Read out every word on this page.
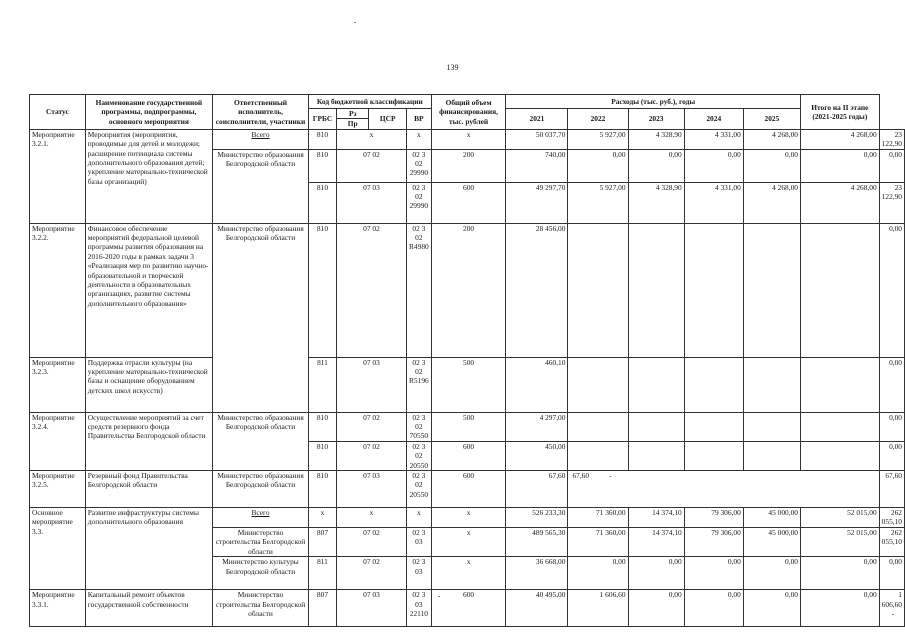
139
Статус	Наименование государственной программы, подпрограммы, основного мероприятия	Ответственный исполнитель, соисполнители, участники	Код бюджетной классификации				Общий объем финансирования, тыс. рублей	Расходы (тыс. руб.), годы					Итого на II этапе (2021-2025 годы)	
			ГРБС	Рз	ЦСР	ВР		2021	2022	2023	2024	2025		
				Пр										
Мероприятие 3.2.1.	Мероприятия (мероприятия, проводимые для детей и молодежи; расширение потенциала системы дополнительного образования детей; укрепление материально-технической базы организаций)	Всего	810	х		х	х	50 037,70	5 927,00	4 328,90	4 331,00	4 268,00	4 268,00	23 122,90
		Министерство образования Белгородской области	810	07 02		02 3 02 29990	200	740,00	0,00	0,00	0,00	0,00	0,00	0,00
			810	07 03		02 3 02 29990	600	49 297,70	5 927,00	4 328,90	4 331,00	4 268,00	4 268,00	23 122,90
Мероприятие 3.2.2.	Финансовое обеспечение мероприятий федеральной целевой программы развития образования на 2016-2020 годы в рамках задачи 3 «Реализация мер по развитию научно-образовательной и творческой деятельности в образовательных организациях, развитие системы дополнительного образования»	Министерство образования Белгородской области	810	07 02		02 3 02 R4980	200	28 456,00						0,00
Мероприятие 3.2.3.	Поддержка отрасли культуры (на укрепление материально-технической базы и оснащение оборудованием детских школ искусств)		811	07 03		02 3 02 R5196	500	460,10						0,00
Мероприятие 3.2.4.	Осуществление мероприятий за счет средств резервного фонда Правительства Белгородской области	Министерство образования Белгородской области	810	07 02		02 3 02 70550	500	4 297,00						0,00
			810	07 02		02 3 02 20550	600	450,00						0,00
Мероприятие 3.2.5.	Резервный фонд Правительства Белгородской области	Министерство образования Белгородской области	810	07 03		02 3 02 20550	600	67,60	67,60 -					67,60
Основное мероприятие 3.3.	Развитие инфраструктуры системы дополнительного образования	Всего	х	х		х	х	526 233,30	71 360,00	14 374,10	79 306,00	45 000,00	52 015,00	262 055,10
		Министерство строительства Белгородской области	807	07 02		02 3 03	х	489 565,30	71 360,00	14 374,10	79 306,00	45 000,00	52 015,00	262 055,10
		Министерство культуры Белгородской области	811	07 02		02 3 03	х	36 668,00	0,00	0,00	0,00	0,00	0,00	0,00
Мероприятие 3.3.1.	Капитальный ремонт объектов государственной собственности	Министерство строительства Белгородской области	807	07 03		02 3 03 22110	600	40 495,00	1 606,60	0,00	0,00	0,00	0,00	1 606,60
